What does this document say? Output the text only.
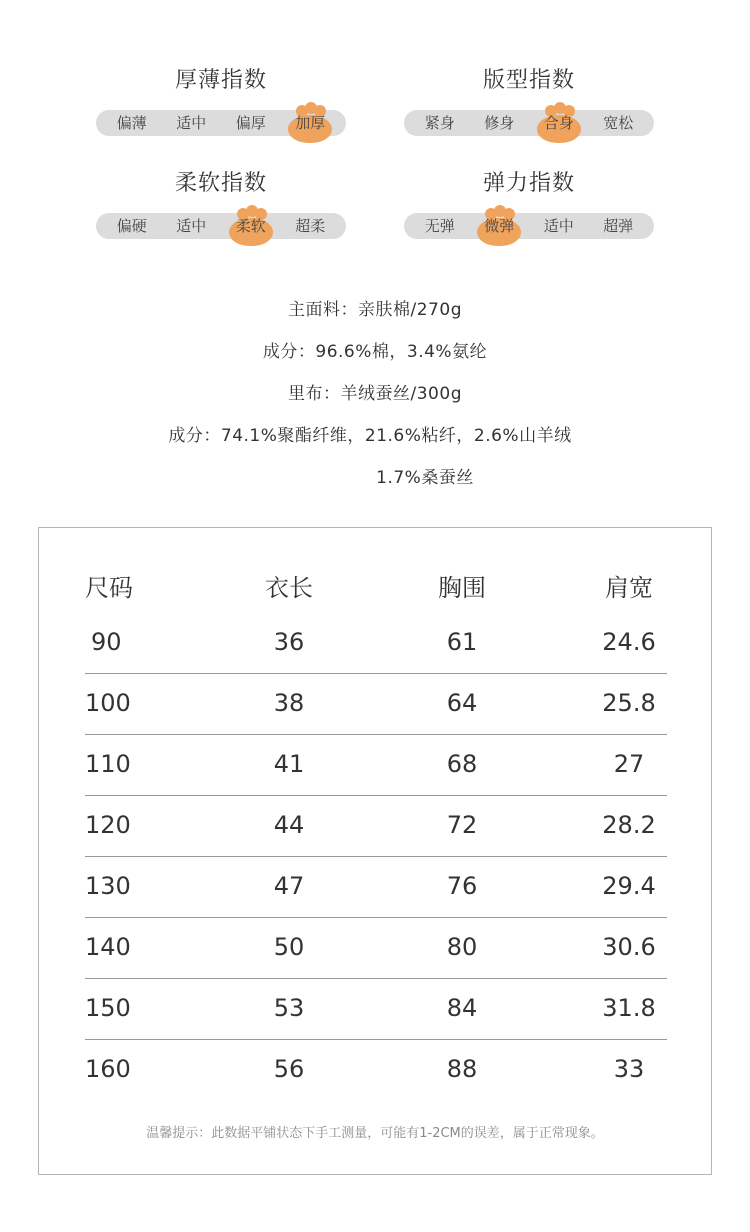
厚薄指数
偏薄	适中	偏厚	加厚
版型指数
紧身	修身	合身	宽松
柔软指数
偏硬	适中	柔软	超柔
弹力指数
无弹	微弹	适中	超弹
主面料：亲肤棉/270g
成分：96.6%棉，3.4%氨纶
里布：羊绒蚕丝/300g
成分：74.1%聚酯纤维，21.6%粘纤，2.6%山羊绒
1.7%桑蚕丝
尺码	衣长	胸围	肩宽
90	36	61	24.6
100	38	64	25.8
110	41	68	27
120	44	72	28.2
130	47	76	29.4
140	50	80	30.6
150	53	84	31.8
160	56	88	33
温馨提示：此数据平铺状态下手工测量，可能有1-2CM的误差，属于正常现象。
